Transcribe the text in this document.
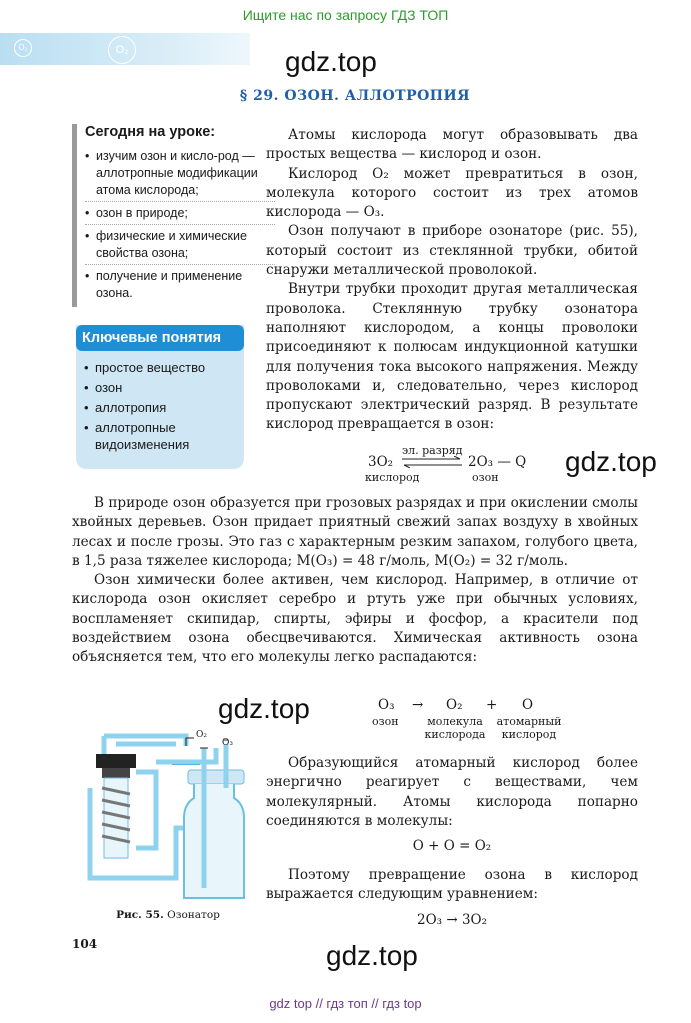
Ищите нас по запросу ГДЗ ТОП
O₂	O₂	gdz.top
§ 29. ОЗОН. АЛЛОТРОПИЯ
Сегодня на уроке:
• изучим озон и кисло-род — аллотропные модификации атома кислорода;
• озон в природе;
• физические и химические свойства озона;
• получение и применение озона.
Ключевые понятия
• простое вещество
• озон
• аллотропия
• аллотропные видоизменения

Атомы кислорода могут образовывать два простых вещества — кислород и озон.

Кислород O₂ может превратиться в озон, молекула которого состоит из трех атомов кислорода — O₃.

Озон получают в приборе озонаторе (рис. 55), который состоит из стеклянной трубки, обитой снаружи металлической проволокой.

Внутри трубки проходит другая металлическая проволока. Стеклянную трубку озонатора наполняют кислородом, а концы проволоки присоединяют к полюсам индукционной катушки для получения тока высокого напряжения. Между проволоками и, следовательно, через кислород пропускают электрический разряд. В результате кислород превращается в озон:

3O₂
кислород
эл. разряд
⇌ 2O₃ — Q
озон
gdz.top

В природе озон образуется при грозовых разрядах и при окислении смолы хвойных деревьев. Озон придает приятный свежий запах воздуху в хвойных лесах и после грозы. Это газ с характерным резким запахом, голубого цвета, в 1,5 раза тяжелее кислорода; M(O₃) = 48 г/моль, M(O₂) = 32 г/моль.

Озон химически более активен, чем кислород. Например, в отличие от кислорода озон окисляет серебро и ртуть уже при обычных условиях, воспламеняет скипидар, спирты, эфиры и фосфор, а красители под воздействием озона обесцвечиваются. Химическая активность озона объясняется тем, что его молекулы легко распадаются:

gdz.top	O₃ → O₂ + O
озон	молекула кислорода
атомарный кислород
O₂
O₃
Рис. 55. Озонатор

Образующийся атомарный кислород более энергично реагирует с веществами, чем молекулярный. Атомы кислорода попарно соединяются в молекулы:

O + O = O₂

Поэтому превращение озона в кислород выражается следующим уравнением:

2O₃ → 3O₂
104	gdz.top
gdz top // гдз топ // гдз top
